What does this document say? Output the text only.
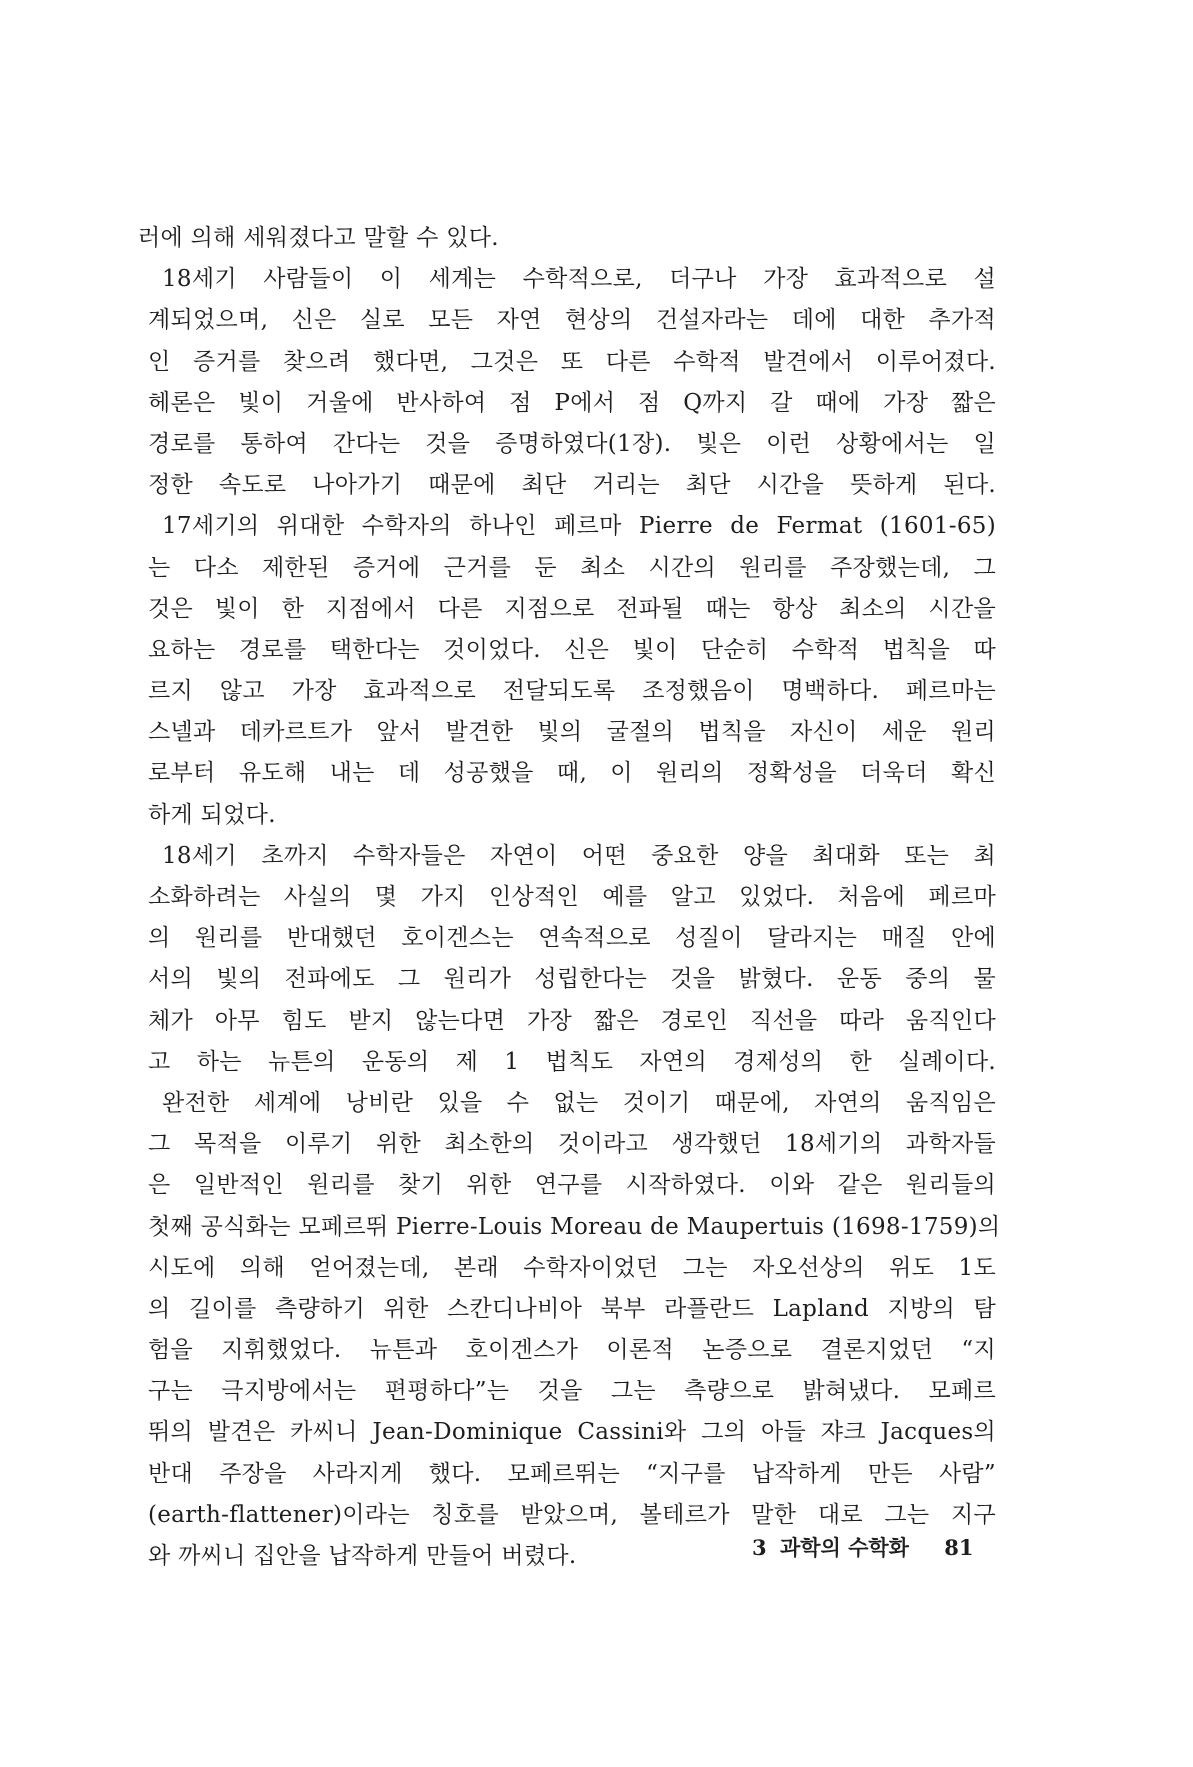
러에 의해 세워졌다고 말할 수 있다.
18세기 사람들이 이 세계는 수학적으로, 더구나 가장 효과적으로 설
계되었으며, 신은 실로 모든 자연 현상의 건설자라는 데에 대한 추가적
인 증거를 찾으려 했다면, 그것은 또 다른 수학적 발견에서 이루어졌다.
헤론은 빛이 거울에 반사하여 점 P에서 점 Q까지 갈 때에 가장 짧은
경로를 통하여 간다는 것을 증명하였다(1장). 빛은 이런 상황에서는 일
정한 속도로 나아가기 때문에 최단 거리는 최단 시간을 뜻하게 된다.
17세기의 위대한 수학자의 하나인 페르마 Pierre de Fermat (1601-65)
는 다소 제한된 증거에 근거를 둔 최소 시간의 원리를 주장했는데, 그
것은 빛이 한 지점에서 다른 지점으로 전파될 때는 항상 최소의 시간을
요하는 경로를 택한다는 것이었다. 신은 빛이 단순히 수학적 법칙을 따
르지 않고 가장 효과적으로 전달되도록 조정했음이 명백하다. 페르마는
스넬과 데카르트가 앞서 발견한 빛의 굴절의 법칙을 자신이 세운 원리
로부터 유도해 내는 데 성공했을 때, 이 원리의 정확성을 더욱더 확신
하게 되었다.
18세기 초까지 수학자들은 자연이 어떤 중요한 양을 최대화 또는 최
소화하려는 사실의 몇 가지 인상적인 예를 알고 있었다. 처음에 페르마
의 원리를 반대했던 호이겐스는 연속적으로 성질이 달라지는 매질 안에
서의 빛의 전파에도 그 원리가 성립한다는 것을 밝혔다. 운동 중의 물
체가 아무 힘도 받지 않는다면 가장 짧은 경로인 직선을 따라 움직인다
고 하는 뉴튼의 운동의 제 1 법칙도 자연의 경제성의 한 실례이다.
완전한 세계에 낭비란 있을 수 없는 것이기 때문에, 자연의 움직임은
그 목적을 이루기 위한 최소한의 것이라고 생각했던 18세기의 과학자들
은 일반적인 원리를 찾기 위한 연구를 시작하였다. 이와 같은 원리들의
첫째 공식화는 모페르뛰 Pierre-Louis Moreau de Maupertuis (1698-1759)의
시도에 의해 얻어졌는데, 본래 수학자이었던 그는 자오선상의 위도 1도
의 길이를 측량하기 위한 스칸디나비아 북부 라플란드 Lapland 지방의 탐
험을 지휘했었다. 뉴튼과 호이겐스가 이론적 논증으로 결론지었던 “지
구는 극지방에서는 편평하다”는 것을 그는 측량으로 밝혀냈다. 모페르
뛰의 발견은 카씨니 Jean-Dominique Cassini와 그의 아들 쟈크 Jacques의
반대 주장을 사라지게 했다. 모페르뛰는 “지구를 납작하게 만든 사람”
(earth-flattener)이라는 칭호를 받았으며, 볼테르가 말한 대로 그는 지구
와 까씨니 집안을 납작하게 만들어 버렸다.	3 과학의 수학화 81
